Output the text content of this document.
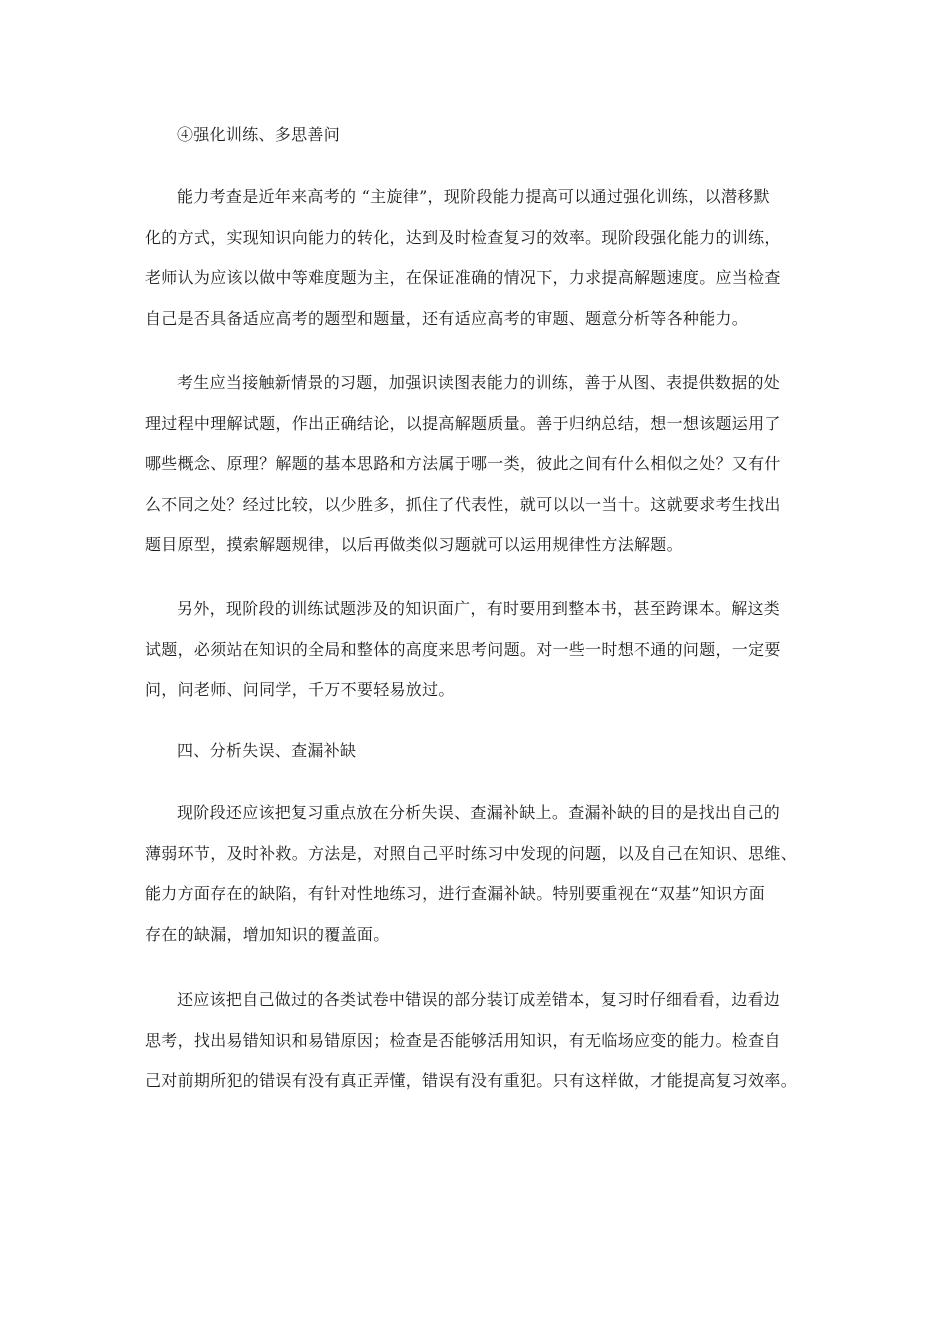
④强化训练、多思善问
能力考查是近年来高考的 “主旋律”，现阶段能力提高可以通过强化训练，以潜移默
化的方式，实现知识向能力的转化，达到及时检查复习的效率。现阶段强化能力的训练，
老师认为应该以做中等难度题为主，在保证准确的情况下，力求提高解题速度。应当检查
自己是否具备适应高考的题型和题量，还有适应高考的审题、题意分析等各种能力。
考生应当接触新情景的习题，加强识读图表能力的训练，善于从图、表提供数据的处
理过程中理解试题，作出正确结论，以提高解题质量。善于归纳总结，想一想该题运用了
哪些概念、原理？解题的基本思路和方法属于哪一类，彼此之间有什么相似之处？又有什
么不同之处？经过比较，以少胜多，抓住了代表性，就可以以一当十。这就要求考生找出
题目原型，摸索解题规律，以后再做类似习题就可以运用规律性方法解题。
另外，现阶段的训练试题涉及的知识面广，有时要用到整本书，甚至跨课本。解这类
试题，必须站在知识的全局和整体的高度来思考问题。对一些一时想不通的问题，一定要
问，问老师、问同学，千万不要轻易放过。
四、分析失误、查漏补缺
现阶段还应该把复习重点放在分析失误、查漏补缺上。查漏补缺的目的是找出自己的
薄弱环节，及时补救。方法是，对照自己平时练习中发现的问题，以及自己在知识、思维、
能力方面存在的缺陷，有针对性地练习，进行查漏补缺。特别要重视在“双基”知识方面
存在的缺漏，增加知识的覆盖面。
还应该把自己做过的各类试卷中错误的部分装订成差错本，复习时仔细看看，边看边
思考，找出易错知识和易错原因；检查是否能够活用知识，有无临场应变的能力。检查自
己对前期所犯的错误有没有真正弄懂，错误有没有重犯。只有这样做，才能提高复习效率。
